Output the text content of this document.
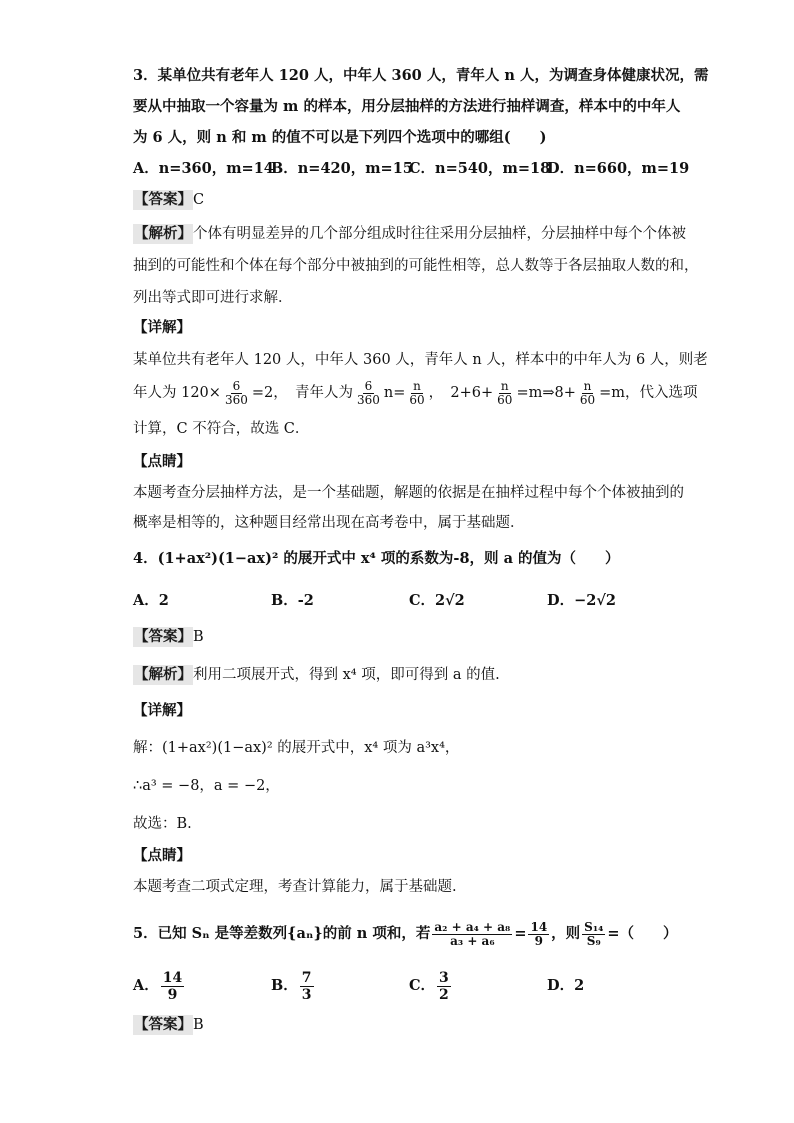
3．某单位共有老年人 120 人，中年人 360 人，青年人 n 人，为调查身体健康状况，需
要从中抽取一个容量为 m 的样本，用分层抽样的方法进行抽样调查，样本中的中年人
为 6 人，则 n 和 m 的值不可以是下列四个选项中的哪组(　　)
A．n=360，m=14
B．n=420，m=15
C．n=540，m=18
D．n=660，m=19
【答案】C
【解析】个体有明显差异的几个部分组成时往往采用分层抽样，分层抽样中每个个体被
抽到的可能性和个体在每个部分中被抽到的可能性相等，总人数等于各层抽取人数的和，
列出等式即可进行求解．
【详解】
某单位共有老年人 120 人，中年人 360 人，青年人 n 人，样本中的中年人为 6 人，则老
年人为 $120\times \frac{6}{360} =2$，　青年人为 $\frac{6}{360} n= \frac{n}{60}$ ，　$2+6+ \frac{n}{60}$ =m⇒8+ $\frac{n}{60} =m$，代入选项
计算，C 不符合，故选 C．
【点睛】
本题考查分层抽样方法，是一个基础题，解题的依据是在抽样过程中每个个体被抽到的
概率是相等的，这种题目经常出现在高考卷中，属于基础题．
4．(1+ax²)(1−ax)² 的展开式中 x⁴ 项的系数为-8，则 a 的值为（　　）
A．2	B．-2	C．2√2	D．−2√2
【答案】B
【解析】利用二项展开式，得到 x⁴ 项，即可得到 a 的值.
【详解】
解：(1+ax²)(1−ax)² 的展开式中，x⁴ 项为 a³x⁴，
∴a³ = −8，a = −2，
故选：B.
【点睛】
本题考查二项式定理，考查计算能力，属于基础题.
5．已知 Sₙ 是等差数列{aₙ}的前 n 项和，若 $\frac{\text{a₂ + a₄ + a₈}}{\text{a₃ + a₆}} = \frac{14}{9}$ ，则 $\frac{\text{S₁₄}}{\text{S₉}}$ =（　　）
A． $\frac{14}{9}$	B． $\frac{7}{3}$	C． $\frac{3}{2}$	D．2
【答案】B
